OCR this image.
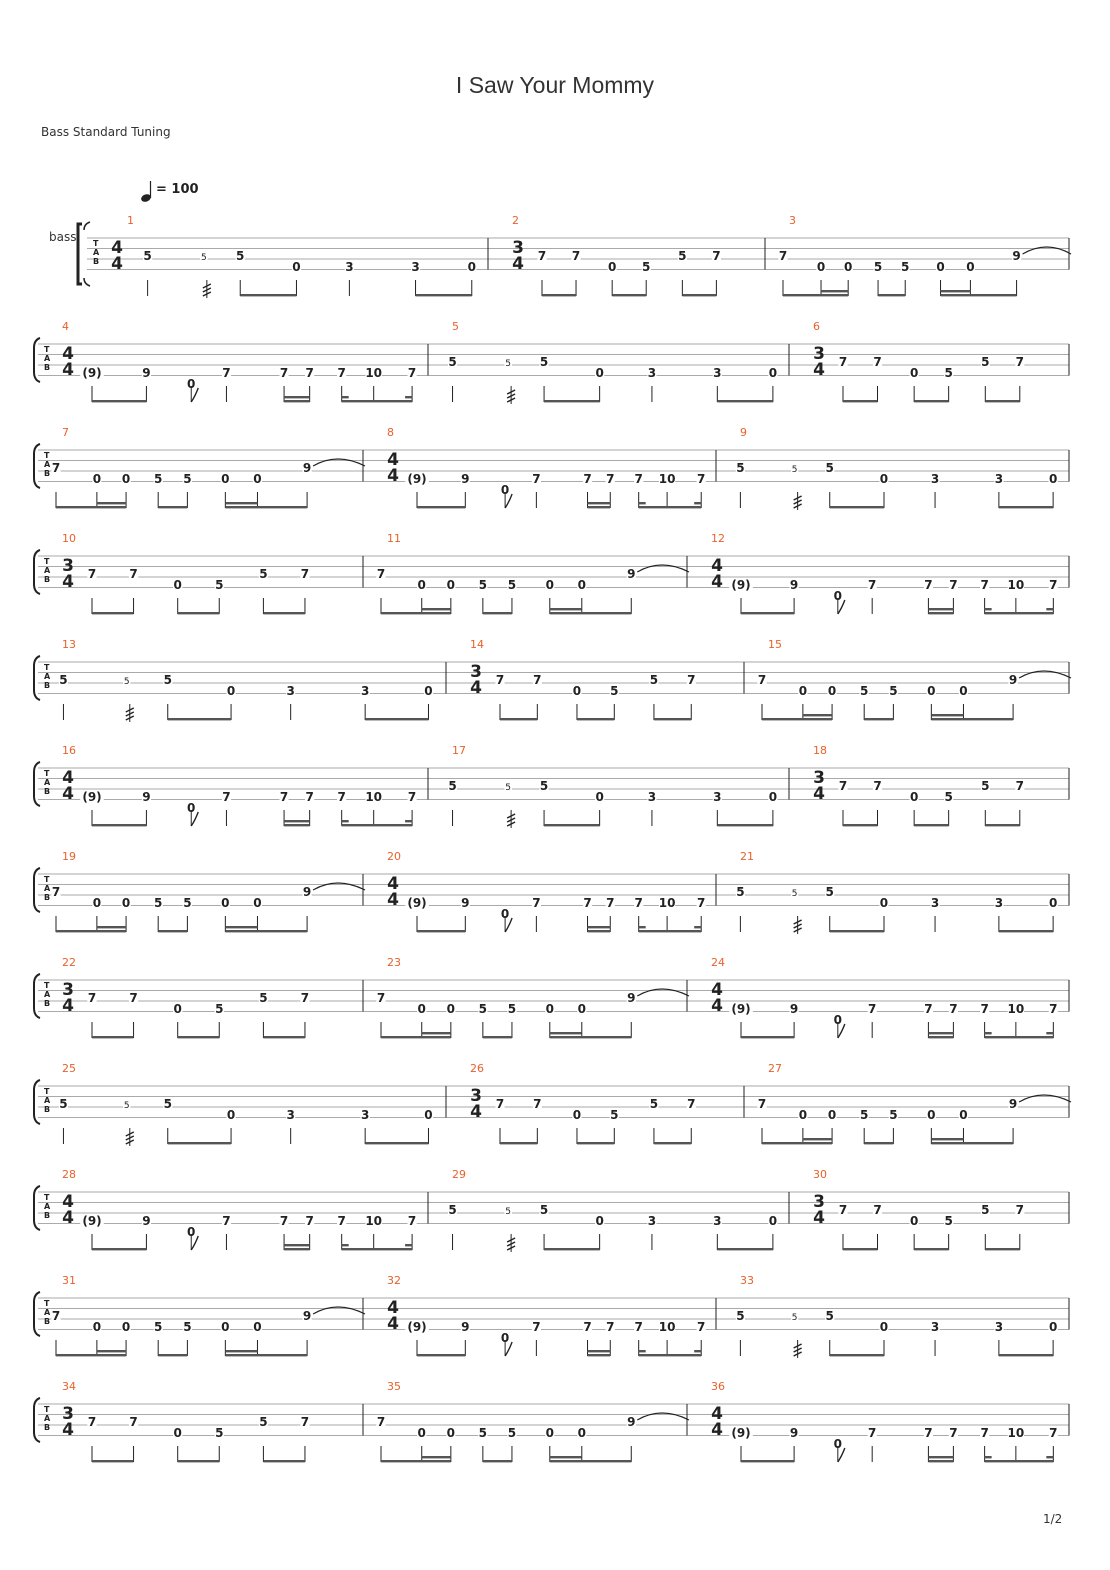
I Saw Your Mommy
Bass Standard Tuning
1/2
= 100
bass T
A
B
1
4
4 5	5 5
0	3	3	0
2
3
4 7 7
0 5
5 7
3
7
0 0 5 5 0 0
9
T
A
B
4
4
4 (9)	9
0
7	7 7 7 10 7
5
5	5 5
0	3	3	0
6
3
4 7 7
0 5
5 7
T
A
B
7
7
0 0 5 5 0 0
9
8
4
4 (9)	9
0
7	7 7 7 10 7
9
5	5 5
0	3	3	0
T
A
B
10
3
4 7	7
0	5
5	7
11
7
0 0 5 5 0 0
9
12
4
4 (9)	9
0
7	7 7 7 10 7
T
A
B
13
5	5	5
0	3	3	0
14
3
4 7 7
0 5
5 7
15
7
0 0 5 5 0 0
9
T
A
B
16
4
4 (9)	9
0
7	7 7 7 10 7
17
5	5 5
0	3	3	0
18
3
4 7 7
0 5
5 7
T
A
B
19
7
0 0 5 5 0 0
9
20
4
4 (9)	9
0
7	7 7 7 10 7
21
5	5 5
0	3	3	0
T
A
B
22
3
4 7	7
0	5
5	7
23
7
0 0 5 5 0 0
9
24
4
4 (9)	9
0
7	7 7 7 10 7
T
A
B
25
5	5	5
0	3	3	0
26
3
4 7 7
0 5
5 7
27
7
0 0 5 5 0 0
9
T
A
B
28
4
4 (9)	9
0
7	7 7 7 10 7
29
5	5 5
0	3	3	0
30
3
4 7 7
0 5
5 7
T
A
B
31
7
0 0 5 5 0 0
9
32
4
4 (9)	9
0
7	7 7 7 10 7
33
5	5 5
0	3	3	0
T
A
B
34
3
4 7	7
0	5
5	7
35
7
0 0 5 5 0 0
9
36
4
4 (9)	9
0
7	7 7 7 10 7
